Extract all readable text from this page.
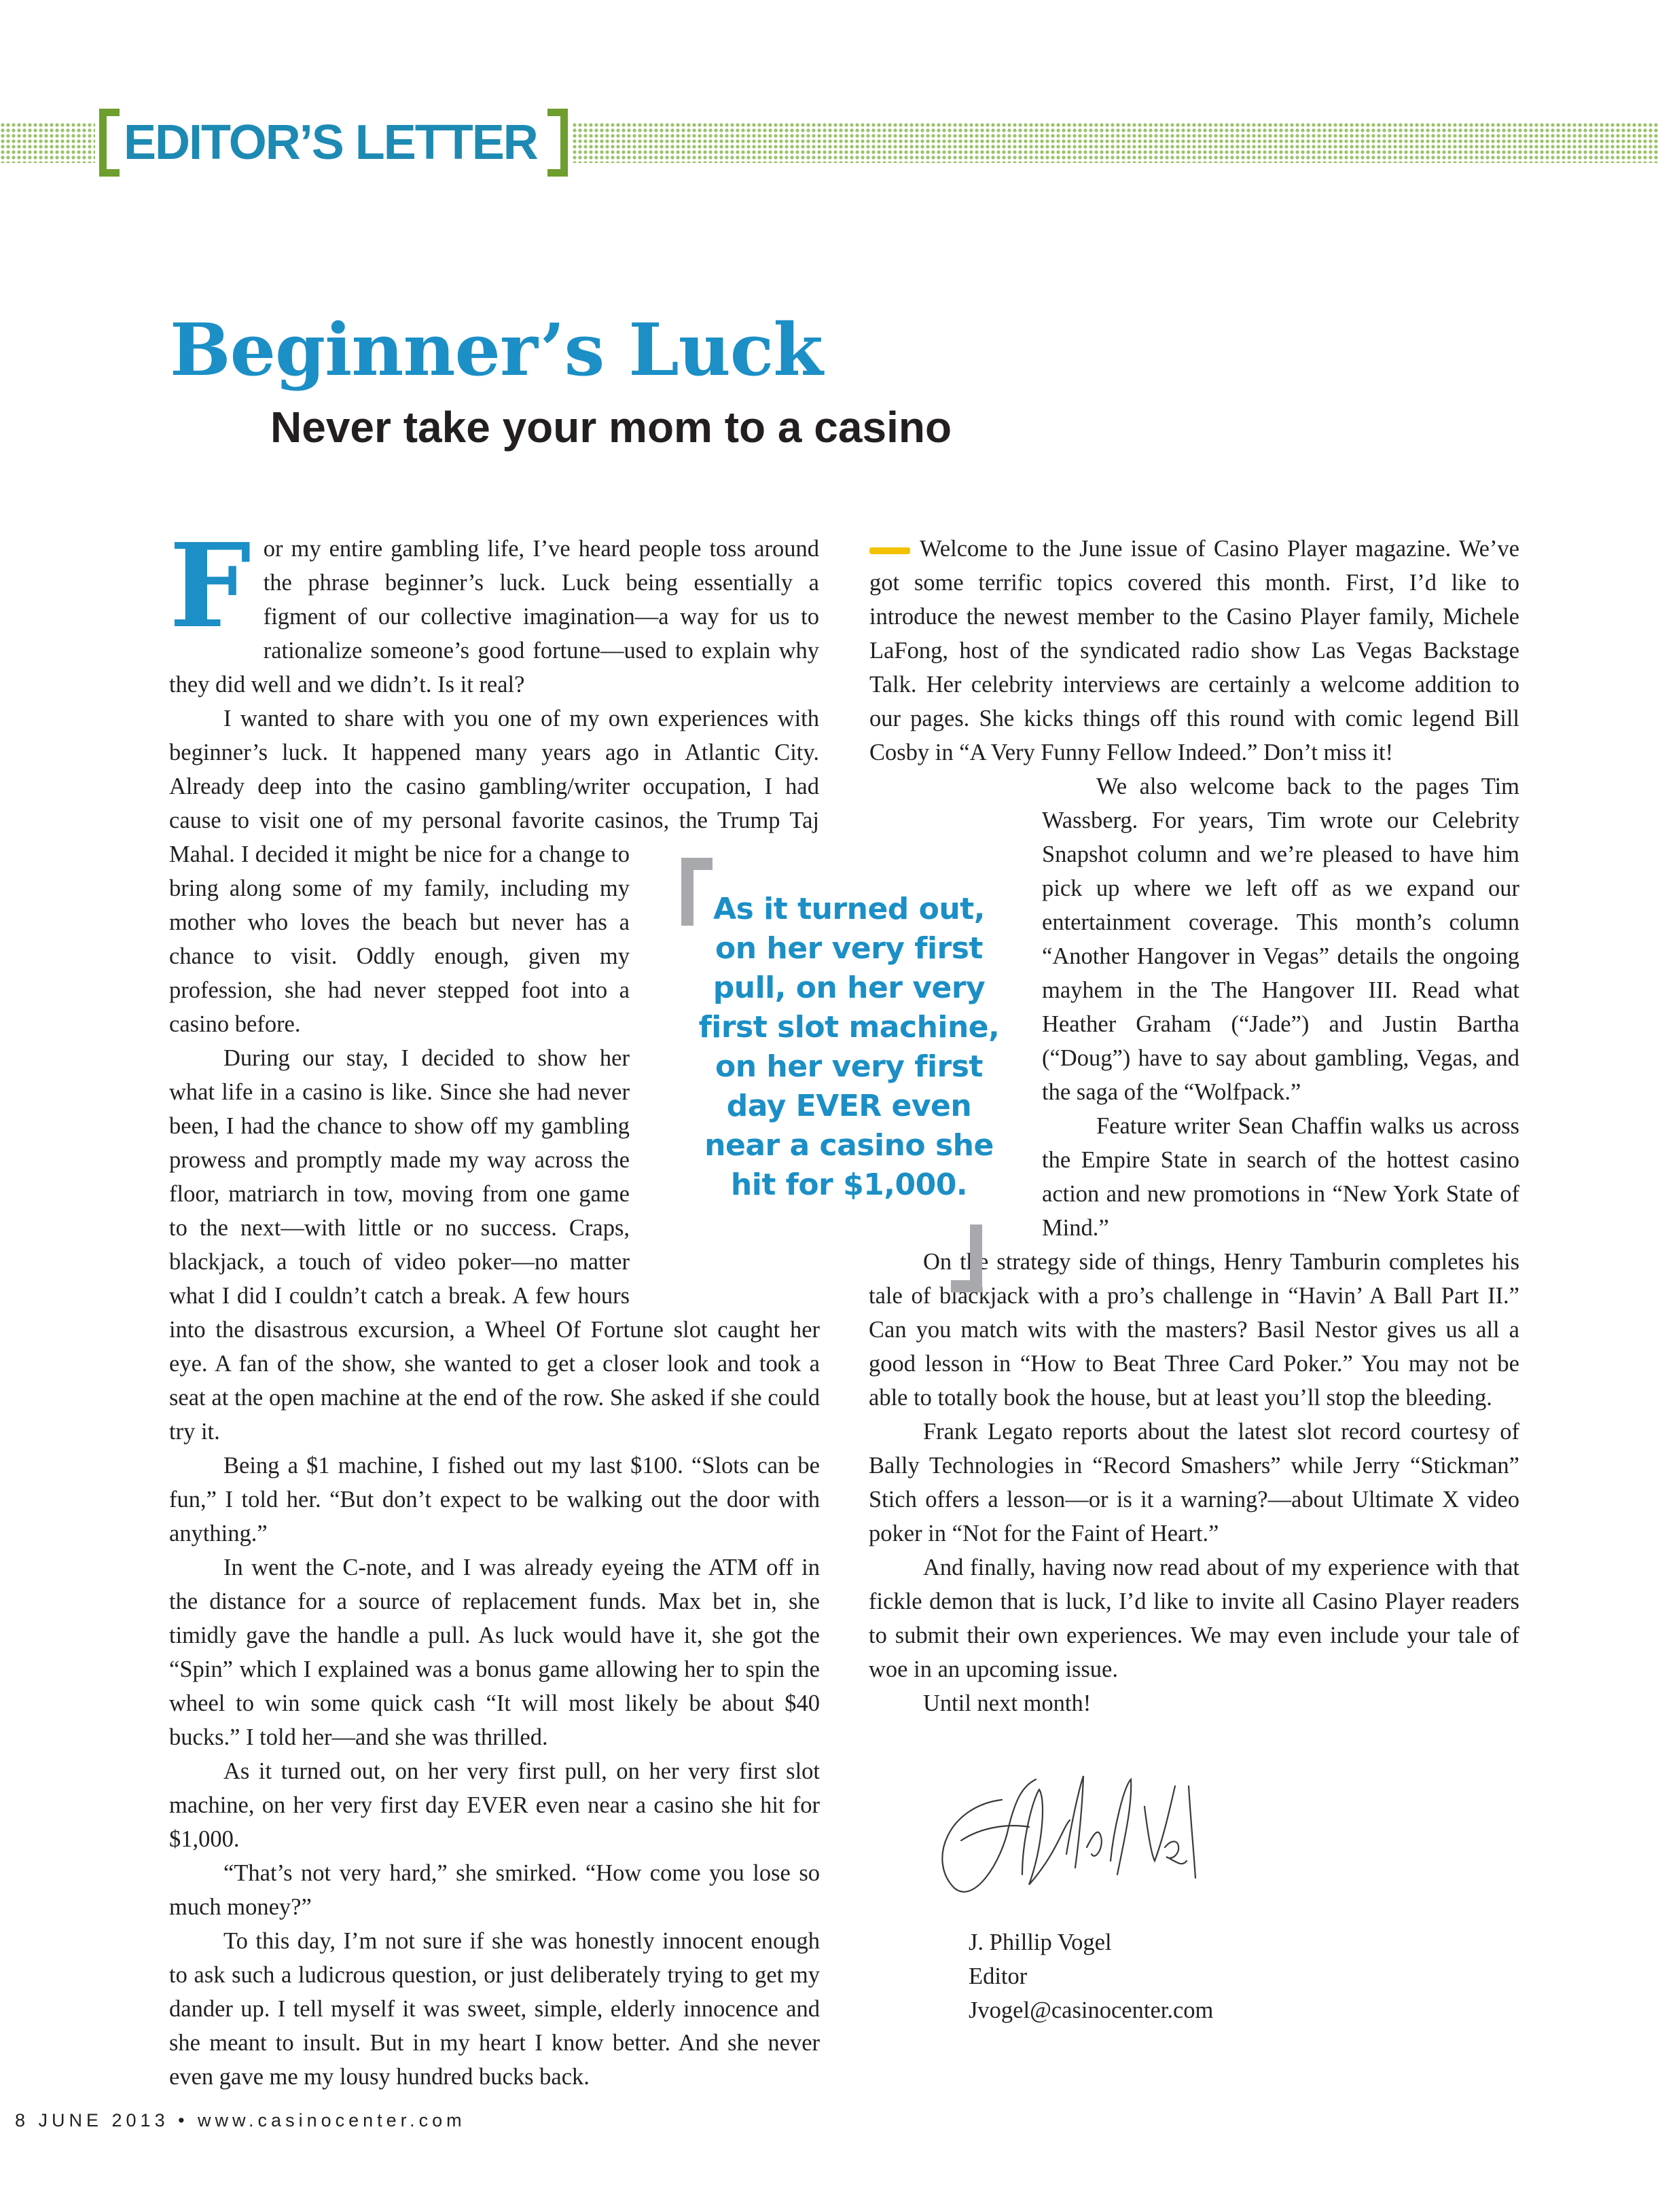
EDITOR’S LETTER
Beginner’s Luck
Never take your mom to a casino
F or my entire gambling life, I’ve heard people toss around the phrase beginner’s luck. Luck being essentially a figment of our collective imagination—a way for us to rationalize someone’s good fortune—used to explain why they did well and we didn’t. Is it real?

I wanted to share with you one of my own experiences with beginner’s luck. It happened many years ago in Atlantic City. Already deep into the casino gambling/writer occupation, I had cause to visit one of my personal favorite casinos, the Trump Taj Mahal. I decided it might be nice for a change to bring along some of my family, including my mother who loves the beach but never has a chance to visit. Oddly enough, given my profession, she had never stepped foot into a casino before.

During our stay, I decided to show her what life in a casino is like. Since she had never been, I had the chance to show off my gambling prowess and promptly made my way across the floor, matriarch in tow, moving from one game to the next—with little or no success. Craps, blackjack, a touch of video poker—no matter what I did I couldn’t catch a break. A few hours into the disastrous excursion, a Wheel Of Fortune slot caught her eye. A fan of the show, she wanted to get a closer look and took a seat at the open machine at the end of the row. She asked if she could try it.

Being a $1 machine, I fished out my last $100. “Slots can be fun,” I told her. “But don’t expect to be walking out the door with anything.”

In went the C-note, and I was already eyeing the ATM off in the distance for a source of replacement funds. Max bet in, she timidly gave the handle a pull. As luck would have it, she got the “Spin” which I explained was a bonus game allowing her to spin the wheel to win some quick cash “It will most likely be about $40 bucks.” I told her—and she was thrilled.

As it turned out, on her very first pull, on her very first slot machine, on her very first day EVER even near a casino she hit for $1,000.

“That’s not very hard,” she smirked. “How come you lose so much money?”

To this day, I’m not sure if she was honestly innocent enough to ask such a ludicrous question, or just deliberately trying to get my dander up. I tell myself it was sweet, simple, elderly innocence and she meant to insult. But in my heart I know better. And she never even gave me my lousy hundred bucks back.

Welcome to the June issue of Casino Player magazine. We’ve got some terrific topics covered this month. First, I’d like to introduce the newest member to the Casino Player family, Michele LaFong, host of the syndicated radio show Las Vegas Backstage Talk. Her celebrity interviews are certainly a welcome addition to our pages. She kicks things off this round with comic legend Bill Cosby in “A Very Funny Fellow Indeed.” Don’t miss it!

We also welcome back to the pages Tim Wassberg. For years, Tim wrote our Celebrity Snapshot column and we’re pleased to have him pick up where we left off as we expand our entertainment coverage. This month’s column “Another Hangover in Vegas” details the ongoing mayhem in the The Hangover III. Read what Heather Graham (“Jade”) and Justin Bartha (“Doug”) have to say about gambling, Vegas, and the saga of the “Wolfpack.”

Feature writer Sean Chaffin walks us across the Empire State in search of the hottest casino action and new promotions in “New York State of Mind.”

On the strategy side of things, Henry Tamburin completes his tale of blackjack with a pro’s challenge in “Havin’ A Ball Part II.” Can you match wits with the masters? Basil Nestor gives us all a good lesson in “How to Beat Three Card Poker.” You may not be able to totally book the house, but at least you’ll stop the bleeding.

Frank Legato reports about the latest slot record courtesy of Bally Technologies in “Record Smashers” while Jerry “Stickman” Stich offers a lesson—or is it a warning?—about Ultimate X video poker in “Not for the Faint of Heart.”

And finally, having now read about of my experience with that fickle demon that is luck, I’d like to invite all Casino Player readers to submit their own experiences. We may even include your tale of woe in an upcoming issue.

Until next month!

As it turned out, on her very first pull, on her very first slot machine, on her very first day EVER even near a casino she hit for $1,000.
J. Phillip Vogel
Editor
Jvogel@casinocenter.com
8 JUNE 2013 • www.casinocenter.com
